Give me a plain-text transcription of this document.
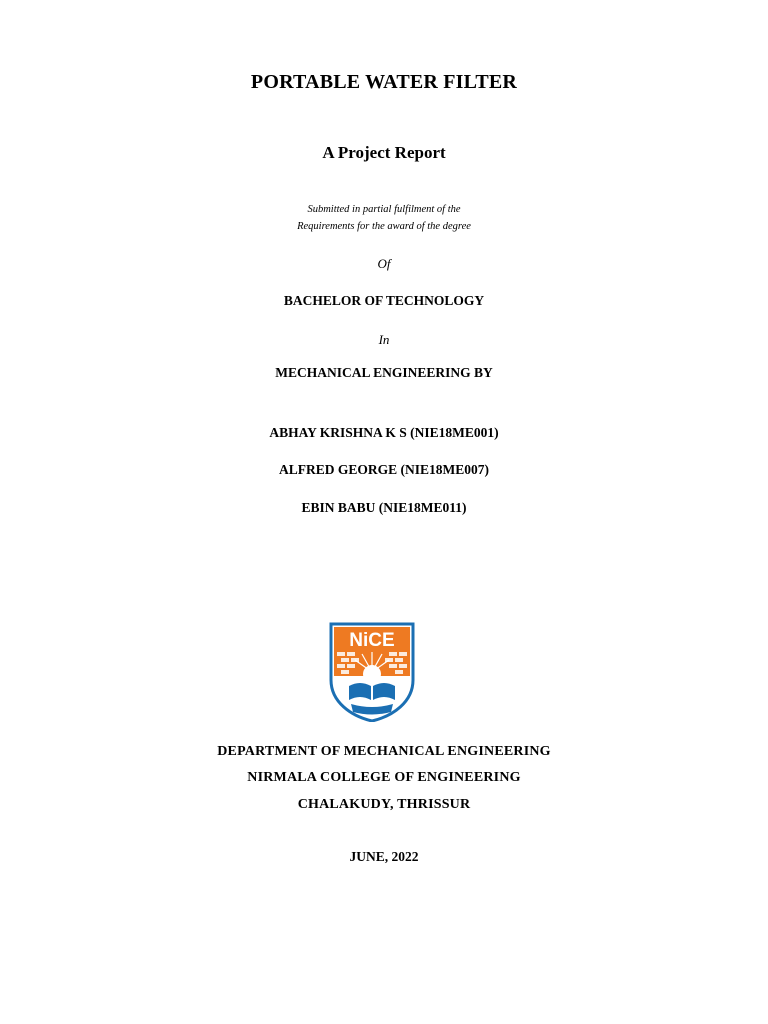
PORTABLE WATER FILTER

A Project Report

Submitted in partial fulfilment of the

Requirements for the award of the degree

Of

BACHELOR OF TECHNOLOGY

In

MECHANICAL ENGINEERING BY

ABHAY KRISHNA K S (NIE18ME001)

ALFRED GEORGE (NIE18ME007)

EBIN BABU (NIE18ME011)

NiCE

DEPARTMENT OF MECHANICAL ENGINEERING

NIRMALA COLLEGE OF ENGINEERING

CHALAKUDY, THRISSUR

JUNE, 2022
